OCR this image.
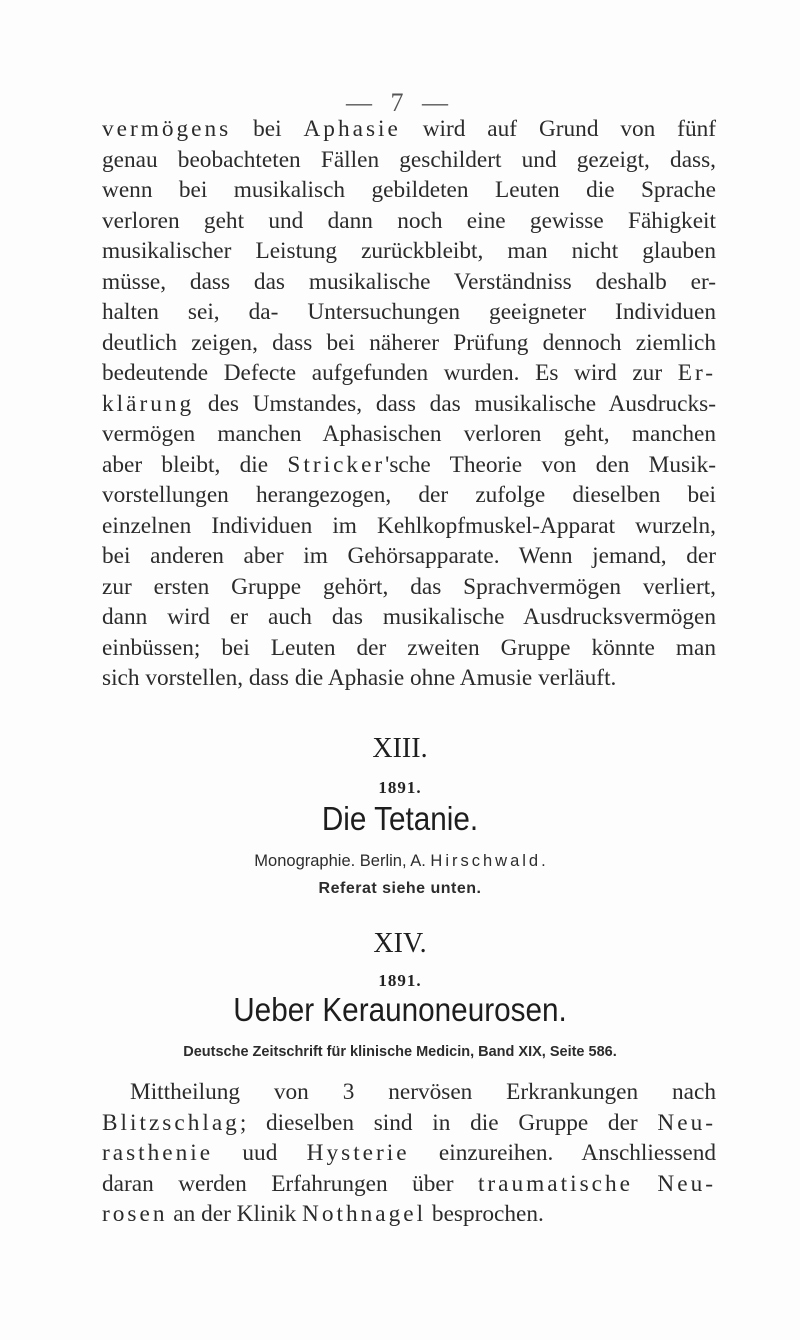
— 7 —
vermögens bei Aphasie wird auf Grund von fünf
genau beobachteten Fällen geschildert und gezeigt, dass,
wenn bei musikalisch gebildeten Leuten die Sprache
verloren geht und dann noch eine gewisse Fähigkeit
musikalischer Leistung zurückbleibt, man nicht glauben
müsse, dass das musikalische Verständniss deshalb er-
halten sei, da- Untersuchungen geeigneter Individuen
deutlich zeigen, dass bei näherer Prüfung dennoch ziemlich
bedeutende Defecte aufgefunden wurden. Es wird zur Er-
klärung des Umstandes, dass das musikalische Ausdrucks-
vermögen manchen Aphasischen verloren geht, manchen
aber bleibt, die Stricker'sche Theorie von den Musik-
vorstellungen herangezogen, der zufolge dieselben bei
einzelnen Individuen im Kehlkopfmuskel-Apparat wurzeln,
bei anderen aber im Gehörsapparate. Wenn jemand, der
zur ersten Gruppe gehört, das Sprachvermögen verliert,
dann wird er auch das musikalische Ausdrucksvermögen
einbüssen; bei Leuten der zweiten Gruppe könnte man
sich vorstellen, dass die Aphasie ohne Amusie verläuft.
XIII.
1891.
Die Tetanie.
Monographie. Berlin, A. Hirschwald.
Referat siehe unten.
XIV.
1891.
Ueber Keraunoneurosen.
Deutsche Zeitschrift für klinische Medicin, Band XIX, Seite 586.
Mittheilung von 3 nervösen Erkrankungen nach
Blitzschlag; dieselben sind in die Gruppe der Neu-
rasthenie uud Hysterie einzureihen. Anschliessend
daran werden Erfahrungen über traumatische Neu-
rosen an der Klinik Nothnagel besprochen.
